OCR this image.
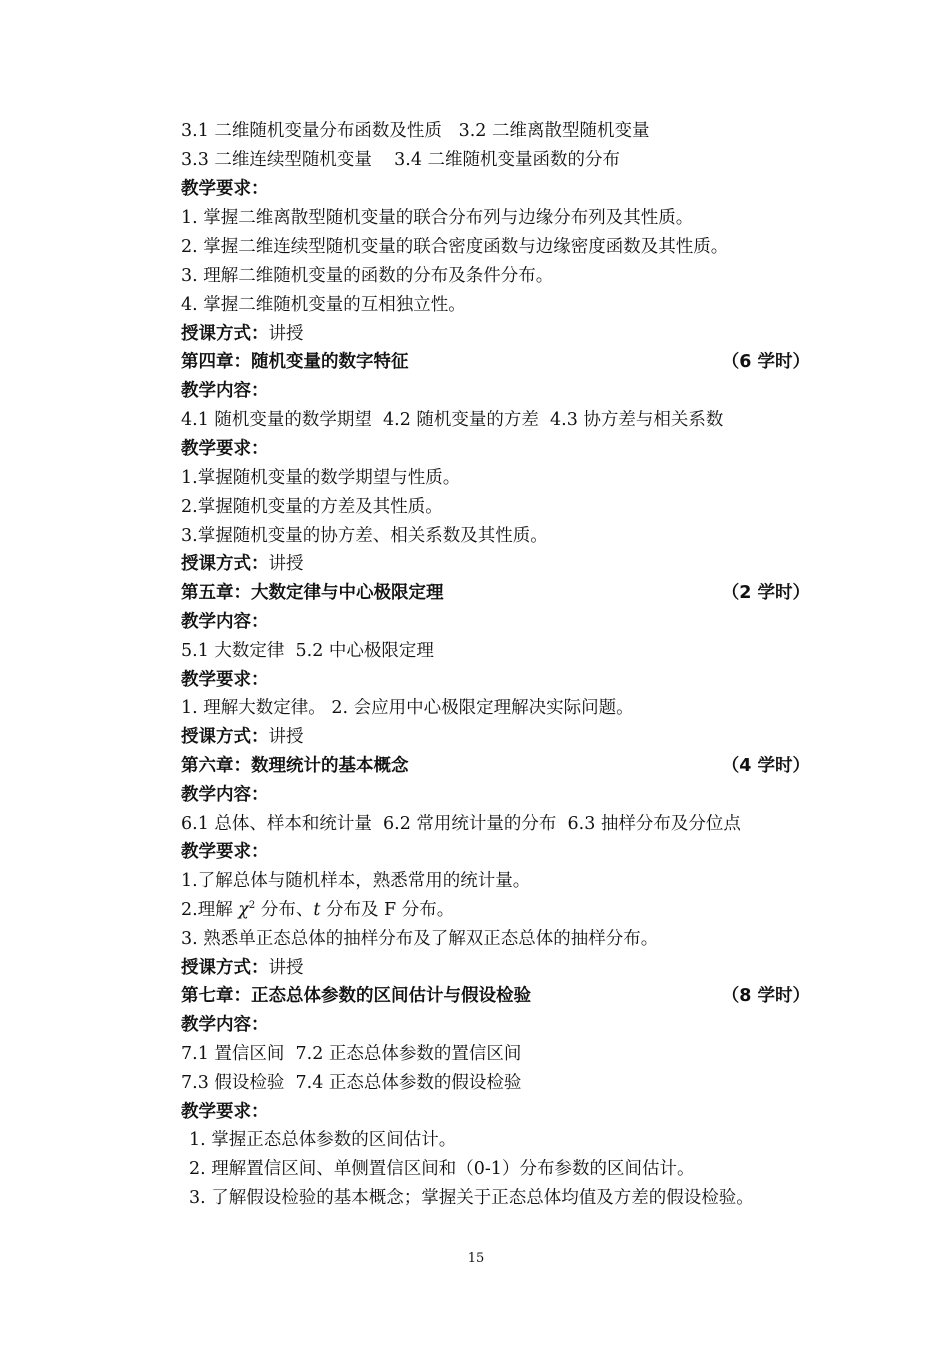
3.1 二维随机变量分布函数及性质   3.2 二维离散型随机变量
3.3 二维连续型随机变量    3.4 二维随机变量函数的分布
教学要求：
1. 掌握二维离散型随机变量的联合分布列与边缘分布列及其性质。
2. 掌握二维连续型随机变量的联合密度函数与边缘密度函数及其性质。
3. 理解二维随机变量的函数的分布及条件分布。
4. 掌握二维随机变量的互相独立性。
授课方式：讲授
第四章：随机变量的数字特征	（6 学时）
教学内容：
4.1 随机变量的数学期望  4.2 随机变量的方差  4.3 协方差与相关系数
教学要求：
1.掌握随机变量的数学期望与性质。
2.掌握随机变量的方差及其性质。
3.掌握随机变量的协方差、相关系数及其性质。
授课方式：讲授
第五章：大数定律与中心极限定理	（2 学时）
教学内容：
5.1 大数定律  5.2 中心极限定理
教学要求：
1. 理解大数定律。 2. 会应用中心极限定理解决实际问题。
授课方式：讲授
第六章：数理统计的基本概念	（4 学时）
教学内容：
6.1 总体、样本和统计量  6.2 常用统计量的分布  6.3 抽样分布及分位点
教学要求：
1.了解总体与随机样本，熟悉常用的统计量。
2.理解 $\chi^2$ 分布、t 分布及 F 分布。
3. 熟悉单正态总体的抽样分布及了解双正态总体的抽样分布。
授课方式：讲授
第七章：正态总体参数的区间估计与假设检验	（8 学时）
教学内容：
7.1 置信区间  7.2 正态总体参数的置信区间
7.3 假设检验  7.4 正态总体参数的假设检验
教学要求：
1. 掌握正态总体参数的区间估计。
2. 理解置信区间、单侧置信区间和（0-1）分布参数的区间估计。
3. 了解假设检验的基本概念；掌握关于正态总体均值及方差的假设检验。
15
